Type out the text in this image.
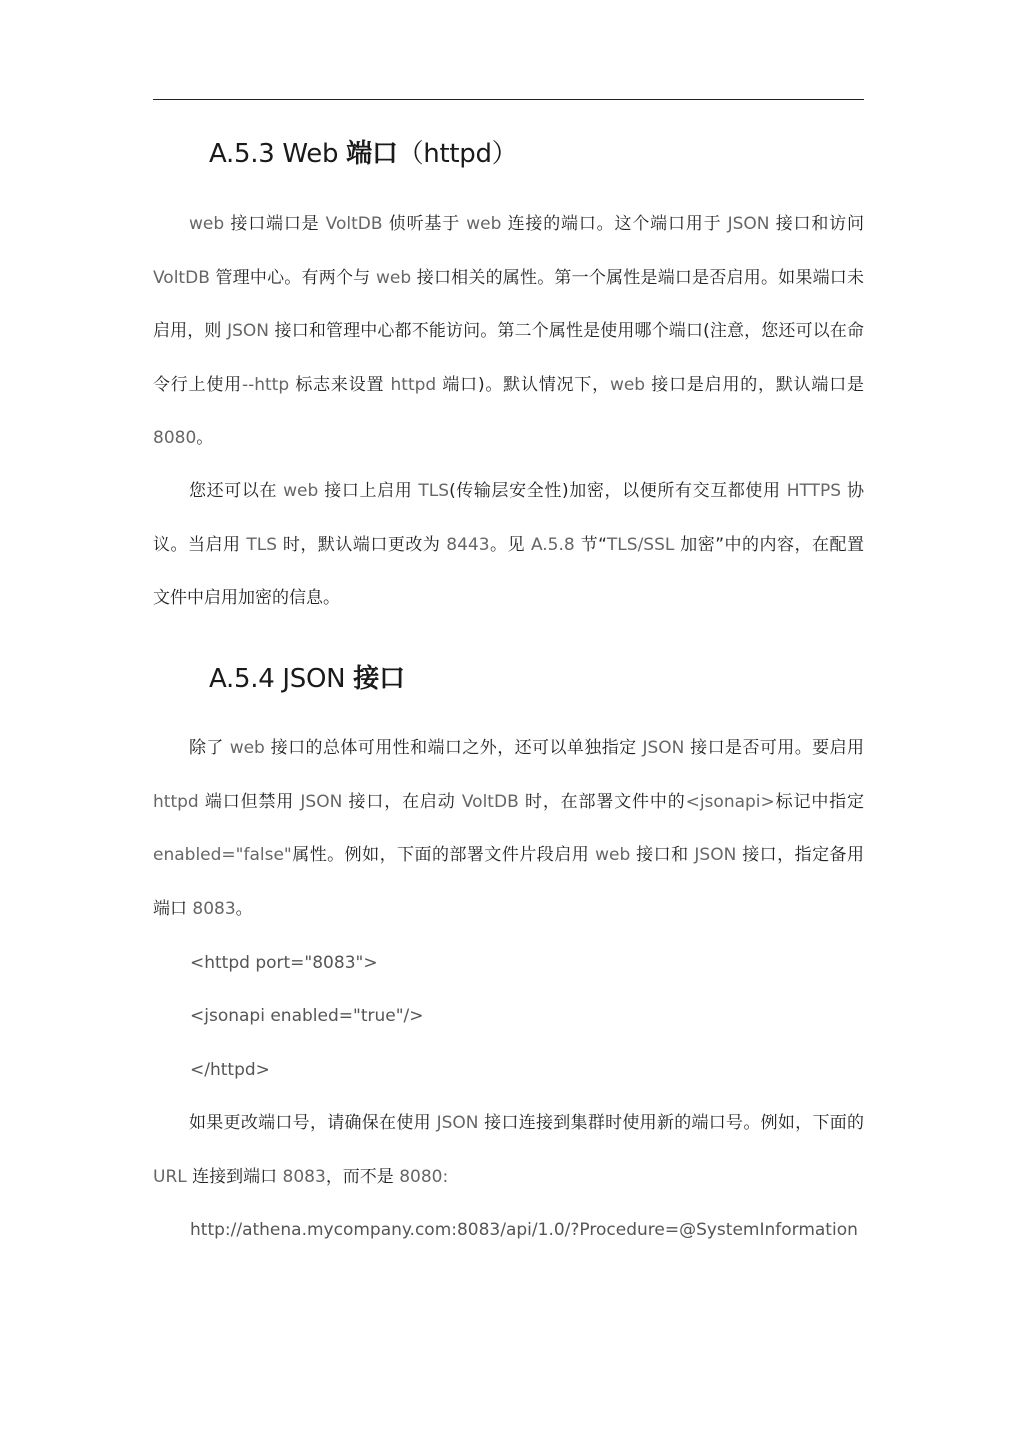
A.5.3 Web 端口（httpd）

web 接口端口是 VoltDB 侦听基于 web 连接的端口。这个端口用于 JSON 接口和访问 VoltDB 管理中心。有两个与 web 接口相关的属性。第一个属性是端口是否启用。如果端口未启用，则 JSON 接口和管理中心都不能访问。第二个属性是使用哪个端口(注意，您还可以在命令行上使用--http 标志来设置 httpd 端口)。默认情况下，web 接口是启用的，默认端口是 8080。

您还可以在 web 接口上启用 TLS(传输层安全性)加密，以便所有交互都使用 HTTPS 协议。当启用 TLS 时，默认端口更改为 8443。见 A.5.8 节“TLS/SSL 加密”中的内容，在配置文件中启用加密的信息。

A.5.4 JSON 接口

除了 web 接口的总体可用性和端口之外，还可以单独指定 JSON 接口是否可用。要启用 httpd 端口但禁用 JSON 接口，在启动 VoltDB 时，在部署文件中的<jsonapi>标记中指定 enabled="false"属性。例如，下面的部署文件片段启用 web 接口和 JSON 接口，指定备用端口 8083。

<httpd port="8083">

<jsonapi enabled="true"/>

</httpd>

如果更改端口号，请确保在使用 JSON 接口连接到集群时使用新的端口号。例如，下面的 URL 连接到端口 8083，而不是 8080:

http://athena.mycompany.com:8083/api/1.0/?Procedure=@SystemInformation
